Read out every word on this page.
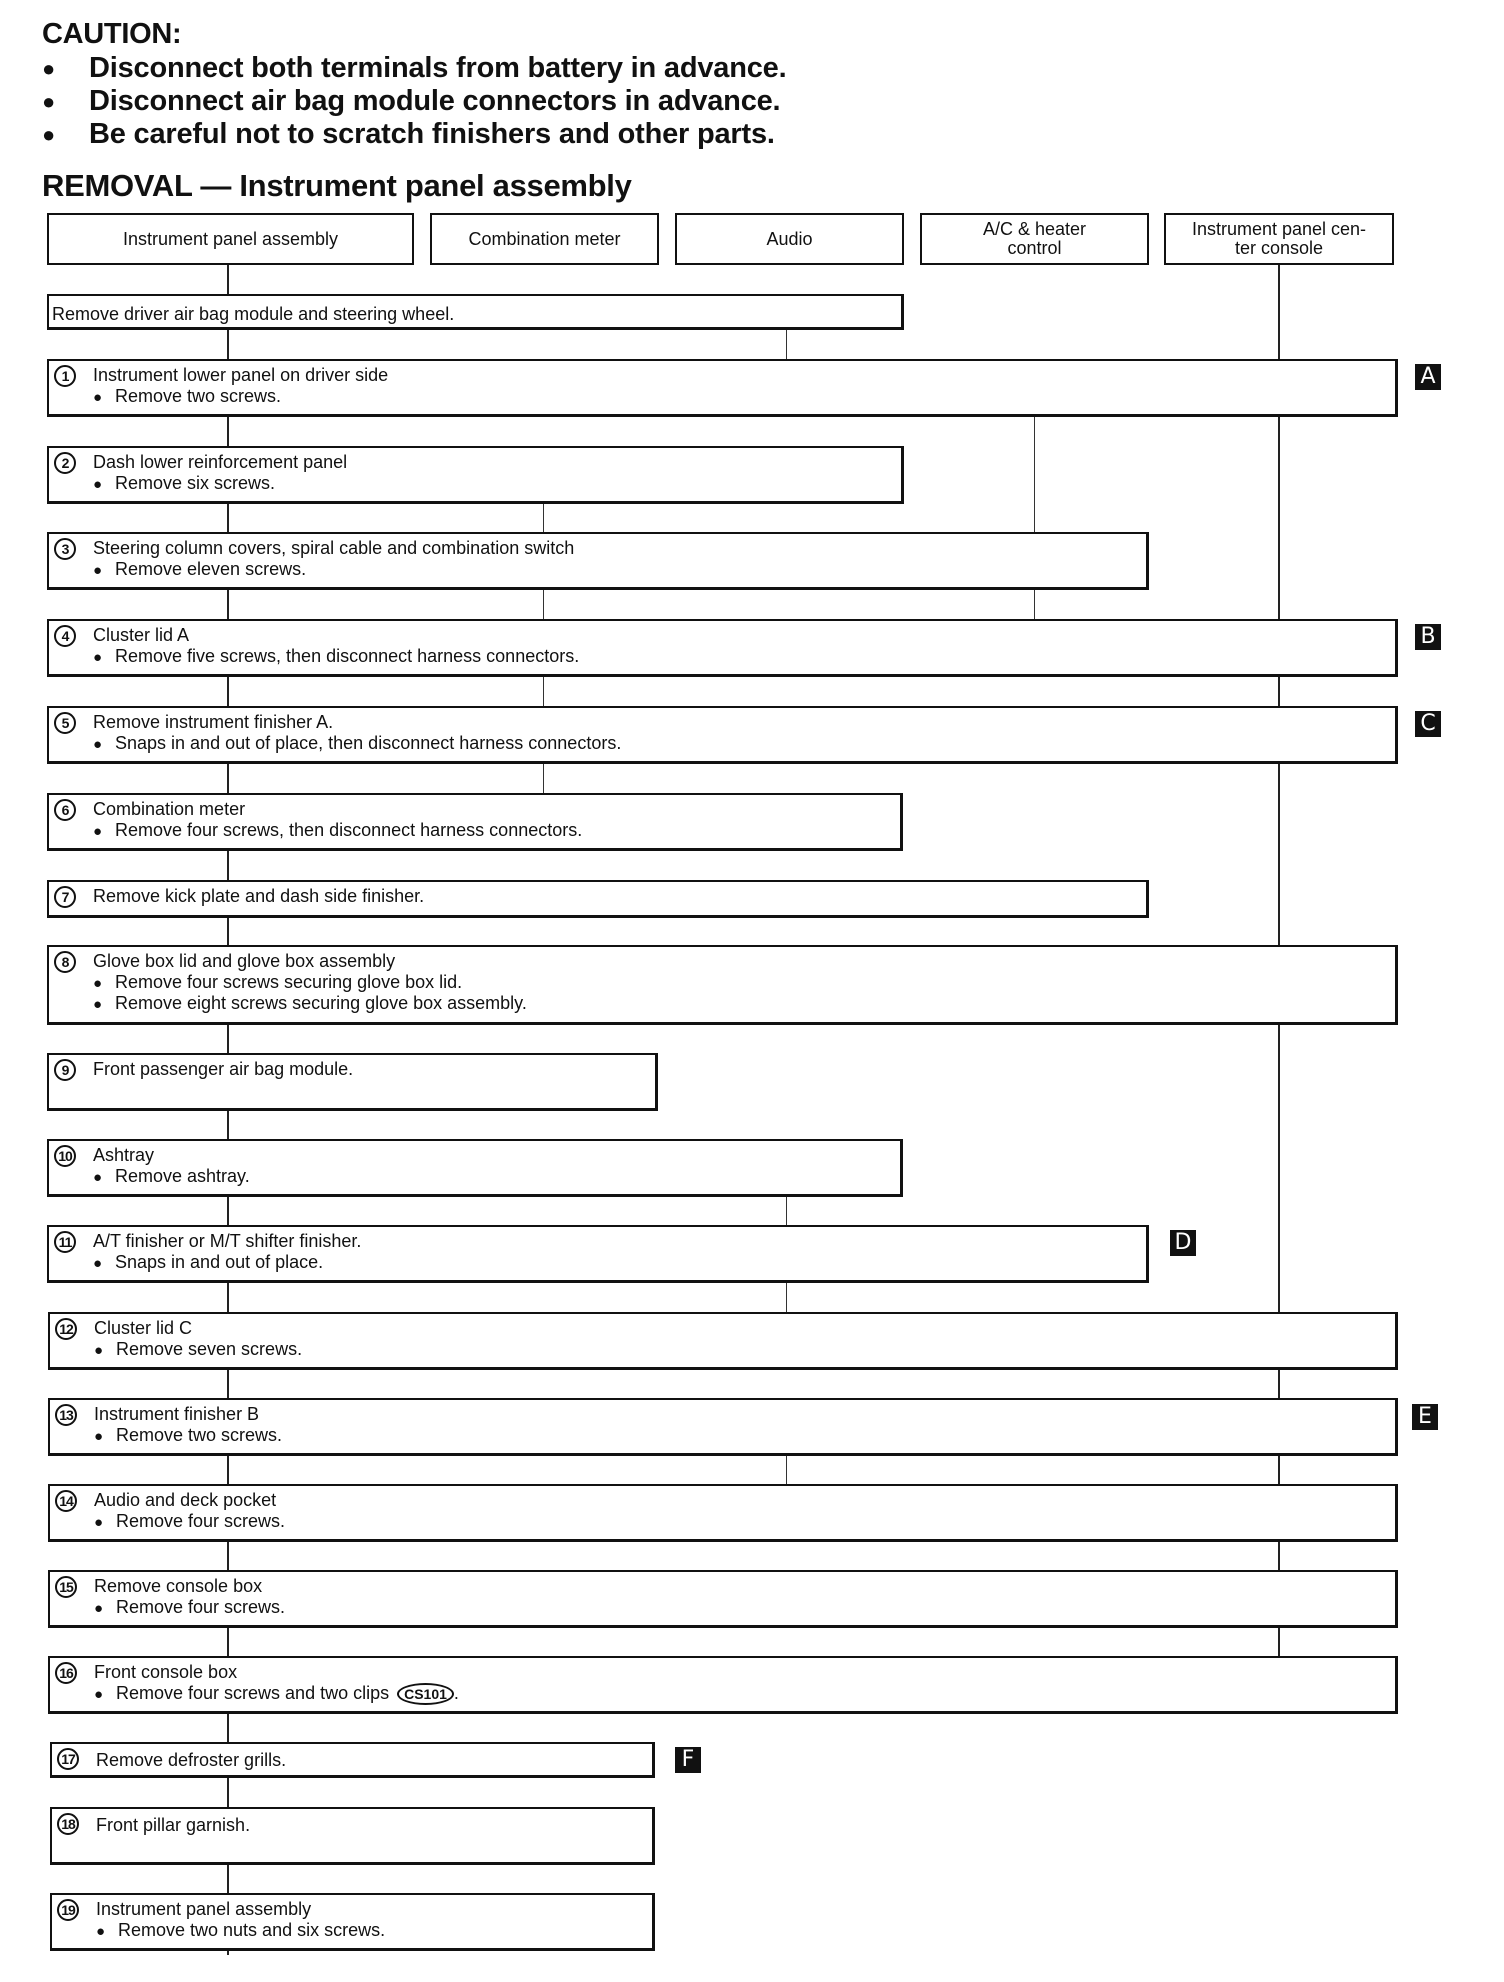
CAUTION:
● Disconnect both terminals from battery in advance.
● Disconnect air bag module connectors in advance.
● Be careful not to scratch finishers and other parts.
REMOVAL — Instrument panel assembly
Instrument panel assembly	Combination meter	Audio	A/C & heater
control
Instrument panel cen-
ter console
Remove driver air bag module and steering wheel.
1	Instrument lower panel on driver side
● Remove two screws.
A
2	Dash lower reinforcement panel
● Remove six screws.
3	Steering column covers, spiral cable and combination switch
● Remove eleven screws.
4	Cluster lid A
● Remove five screws, then disconnect harness connectors.
B
5	Remove instrument finisher A.
● Snaps in and out of place, then disconnect harness connectors.
C
6	Combination meter
● Remove four screws, then disconnect harness connectors.
7	Remove kick plate and dash side finisher.
8	Glove box lid and glove box assembly
● Remove four screws securing glove box lid.
● Remove eight screws securing glove box assembly.
9	Front passenger air bag module.
10 Ashtray
● Remove ashtray.
11 A/T finisher or M/T shifter finisher.
● Snaps in and out of place.
D
12 Cluster lid C
● Remove seven screws.
13 Instrument finisher B
● Remove two screws.
E
14 Audio and deck pocket
● Remove four screws.
15 Remove console box
● Remove four screws.
16 Front console box
● Remove four screws and two clips CS101 .
17 Remove defroster grills.	F
18 Front pillar garnish.
19 Instrument panel assembly
● Remove two nuts and six screws.
